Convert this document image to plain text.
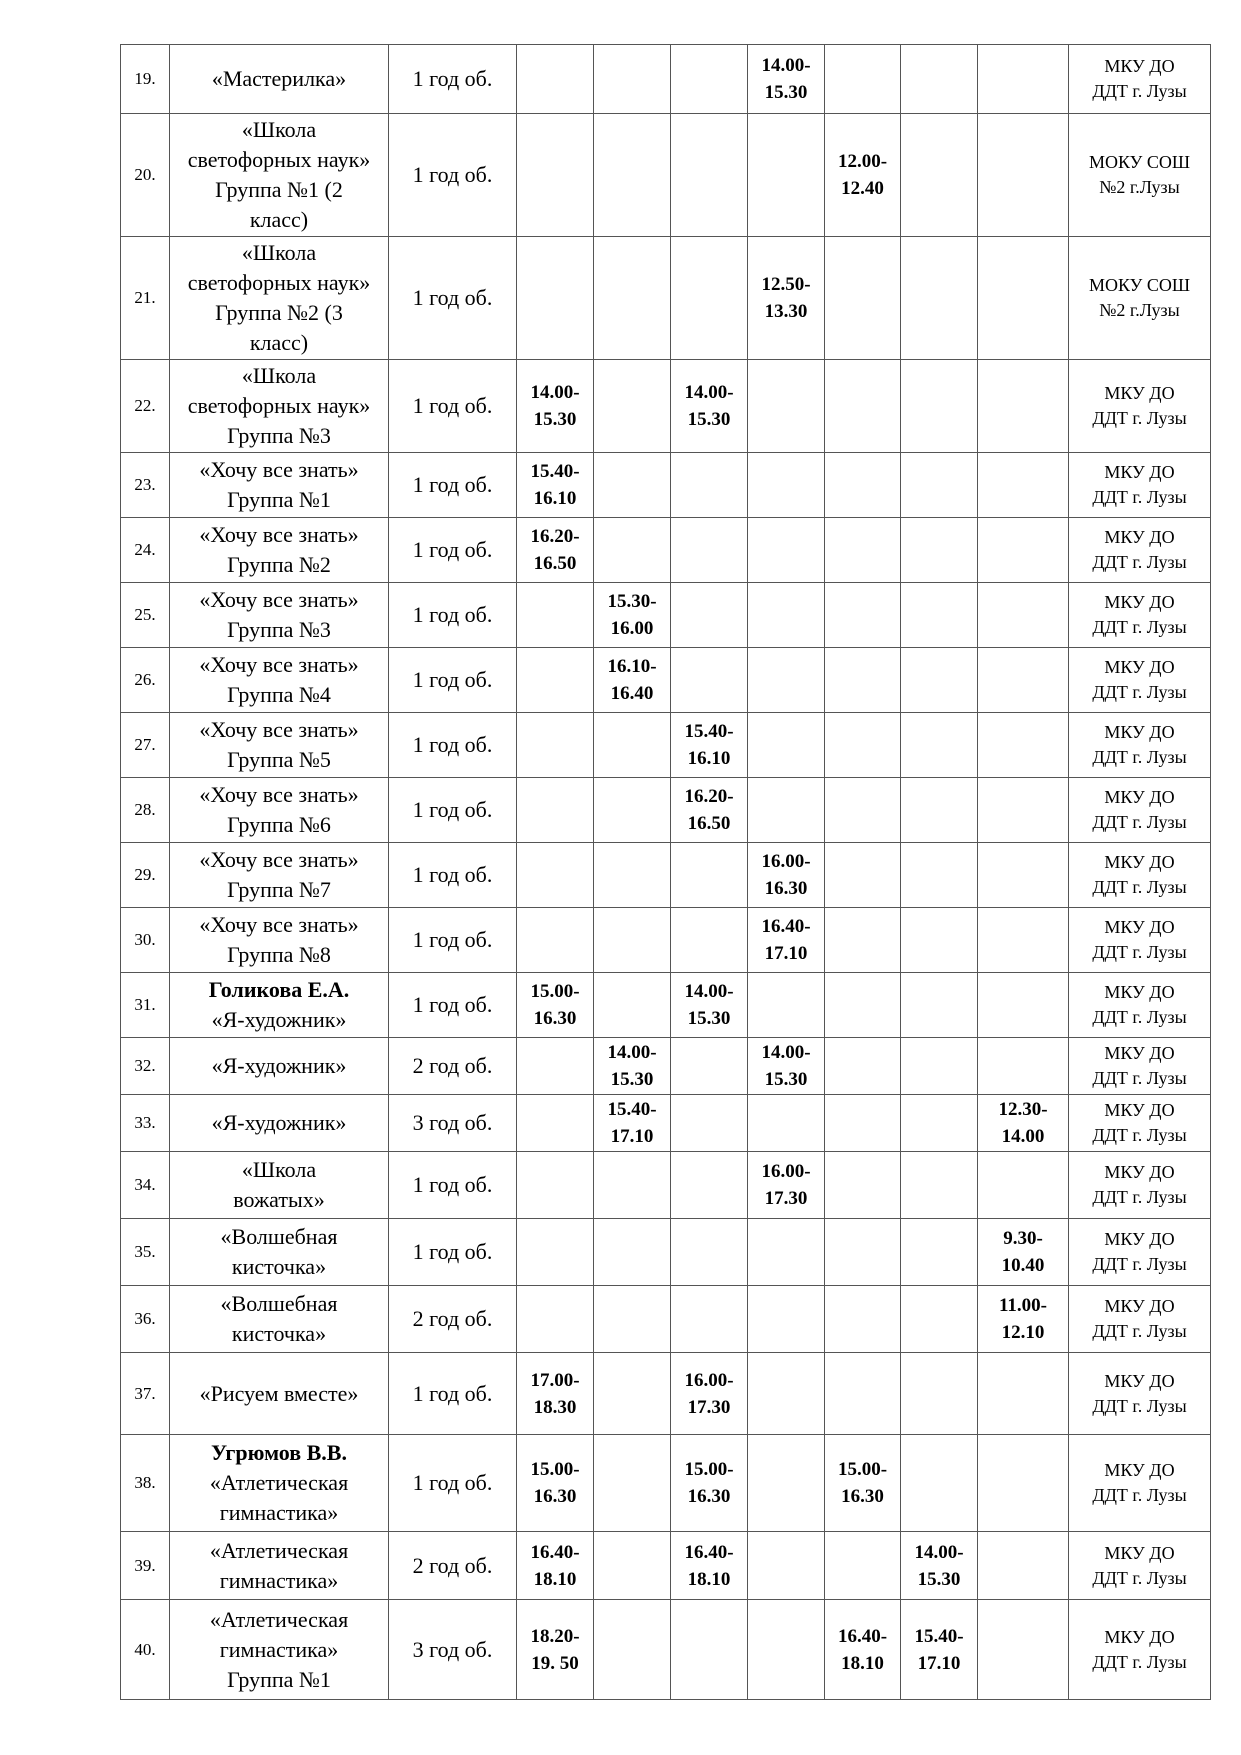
19.	«Мастерилка»	1 год об.				14.00-
15.30				МКУ ДО
ДДТ г. Лузы

20.	«Школа
светофорных наук»
Группа №1 (2
класс)	1 год об.					12.00-
12.40			МОКУ СОШ
№2 г.Лузы

21.	«Школа
светофорных наук»
Группа №2 (3
класс)	1 год об.				12.50-
13.30				МОКУ СОШ
№2 г.Лузы

22.	«Школа
светофорных наук»
Группа №3	1 год об.	14.00-
15.30		14.00-
15.30					МКУ ДО
ДДТ г. Лузы

23.	«Хочу все знать»
Группа №1	1 год об.	15.40-
16.10							МКУ ДО
ДДТ г. Лузы

24.	«Хочу все знать»
Группа №2	1 год об.	16.20-
16.50							МКУ ДО
ДДТ г. Лузы

25.	«Хочу все знать»
Группа №3	1 год об.		15.30-
16.00						МКУ ДО
ДДТ г. Лузы

26.	«Хочу все знать»
Группа №4	1 год об.		16.10-
16.40						МКУ ДО
ДДТ г. Лузы

27.	«Хочу все знать»
Группа №5	1 год об.			15.40-
16.10					МКУ ДО
ДДТ г. Лузы

28.	«Хочу все знать»
Группа №6	1 год об.			16.20-
16.50					МКУ ДО
ДДТ г. Лузы

29.	«Хочу все знать»
Группа №7	1 год об.				16.00-
16.30				МКУ ДО
ДДТ г. Лузы

30.	«Хочу все знать»
Группа №8	1 год об.				16.40-
17.10				МКУ ДО
ДДТ г. Лузы

31.	Голикова Е.А.
«Я-художник»	1 год об.	15.00-
16.30		14.00-
15.30					МКУ ДО
ДДТ г. Лузы

32.	«Я-художник»	2 год об.		14.00-
15.30		14.00-
15.30				МКУ ДО
ДДТ г. Лузы

33.	«Я-художник»	3 год об.		15.40-
17.10					12.30-
14.00	МКУ ДО
ДДТ г. Лузы

34.	«Школа
вожатых»	1 год об.				16.00-
17.30				МКУ ДО
ДДТ г. Лузы

35.	«Волшебная
кисточка»	1 год об.							9.30-
10.40	МКУ ДО
ДДТ г. Лузы

36.	«Волшебная
кисточка»	2 год об.							11.00-
12.10	МКУ ДО
ДДТ г. Лузы

37.	«Рисуем вместе»	1 год об.	17.00-
18.30		16.00-
17.30					МКУ ДО
ДДТ г. Лузы

38.	Угрюмов В.В.
«Атлетическая
гимнастика»	1 год об.	15.00-
16.30		15.00-
16.30		15.00-
16.30			МКУ ДО
ДДТ г. Лузы

39.	«Атлетическая
гимнастика»	2 год об.	16.40-
18.10		16.40-
18.10			14.00-
15.30		МКУ ДО
ДДТ г. Лузы

40.	«Атлетическая
гимнастика»
Группа №1	3 год об.	18.20-
19. 50				16.40-
18.10	15.40-
17.10		МКУ ДО
ДДТ г. Лузы
